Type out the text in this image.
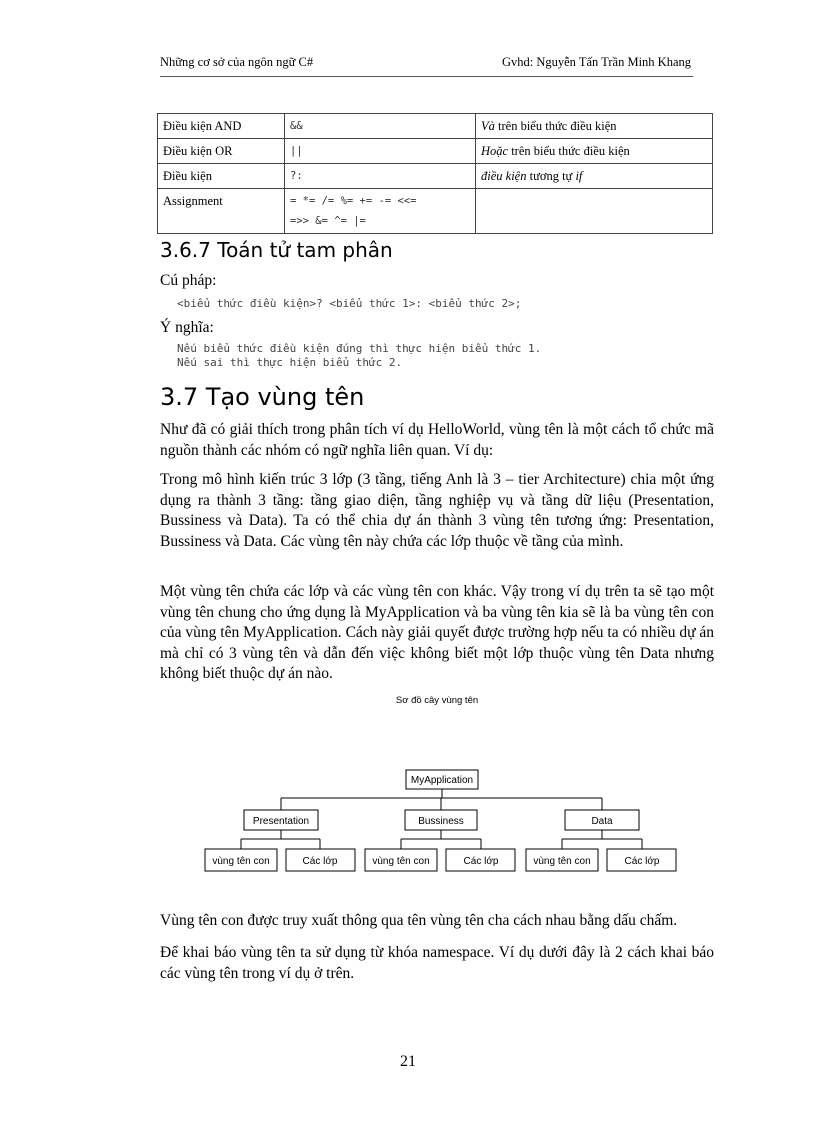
Những cơ sở của ngôn ngữ C#	Gvhd: Nguyễn Tấn Trần Minh Khang
Điều kiện AND	&&	Và trên biểu thức điều kiện
Điều kiện OR	||	Hoặc trên biểu thức điều kiện
Điều kiện	?:	điều kiện tương tự if
Assignment	= *= /= %= += -= <<=
=>> &= ^= |=	

3.6.7 Toán tử tam phân
Cú pháp:
<biểu thức điều kiện>? <biểu thức 1>: <biểu thức 2>;
Ý nghĩa:
Nếu biểu thức điều kiện đúng thì thực hiện biểu thức 1.
Nếu sai thì thực hiện biểu thức 2.
3.7 Tạo vùng tên

Như đã có giải thích trong phân tích ví dụ HelloWorld, vùng tên là một cách tổ chức mã nguồn thành các nhóm có ngữ nghĩa liên quan. Ví dụ:

Trong mô hình kiến trúc 3 lớp (3 tầng, tiếng Anh là 3 – tier Architecture) chia một ứng dụng ra thành 3 tầng: tầng giao diện, tầng nghiệp vụ và tầng dữ liệu (Presentation, Bussiness và Data). Ta có thể chia dự án thành 3 vùng tên tương ứng: Presentation, Bussiness và Data. Các vùng tên này chứa các lớp thuộc về tầng của mình.

Một vùng tên chứa các lớp và các vùng tên con khác. Vậy trong ví dụ trên ta sẽ tạo một vùng tên chung cho ứng dụng là MyApplication và ba vùng tên kia sẽ là ba vùng tên con của vùng tên MyApplication. Cách này giải quyết được trường hợp nếu ta có nhiều dự án mà chỉ có 3 vùng tên và dẫn đến việc không biết một lớp thuộc vùng tên Data nhưng không biết thuộc dự án nào.

Sơ đồ cây vùng tên
MyApplication
Presentation	Bussiness	Data
vùng tên con	Các lớp	vùng tên con	Các lớp	vùng tên con	Các lớp

Vùng tên con được truy xuất thông qua tên vùng tên cha cách nhau bằng dấu chấm.

Để khai báo vùng tên ta sử dụng từ khóa namespace. Ví dụ dưới đây là 2 cách khai báo các vùng tên trong ví dụ ở trên.

21
